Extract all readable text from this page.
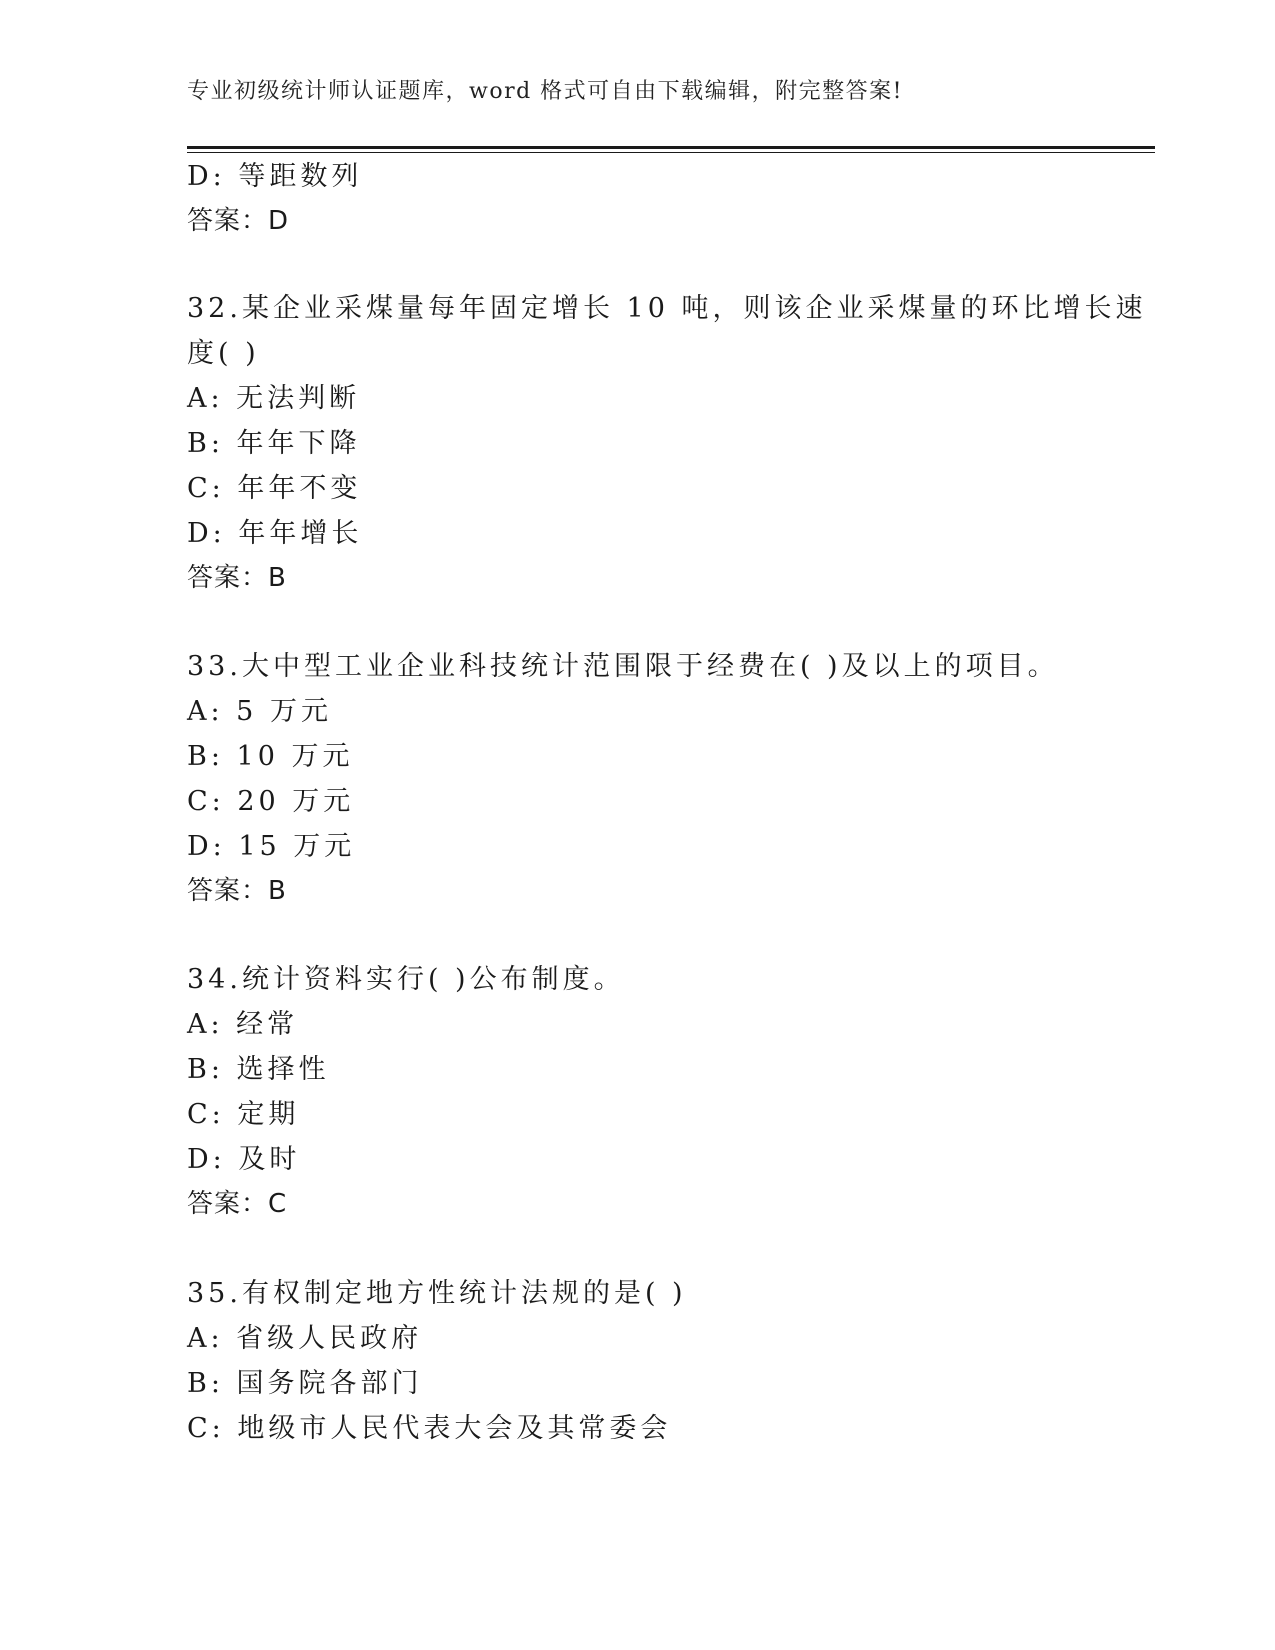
专业初级统计师认证题库，word 格式可自由下载编辑，附完整答案!
D: 等距数列
答案：D
32.某企业采煤量每年固定增长 10 吨，则该企业采煤量的环比增长速
度( )
A: 无法判断
B: 年年下降
C: 年年不变
D: 年年增长
答案：B
33.大中型工业企业科技统计范围限于经费在( )及以上的项目。
A: 5 万元
B: 10 万元
C: 20 万元
D: 15 万元
答案：B
34.统计资料实行( )公布制度。
A: 经常
B: 选择性
C: 定期
D: 及时
答案：C
35.有权制定地方性统计法规的是( )
A: 省级人民政府
B: 国务院各部门
C: 地级市人民代表大会及其常委会
